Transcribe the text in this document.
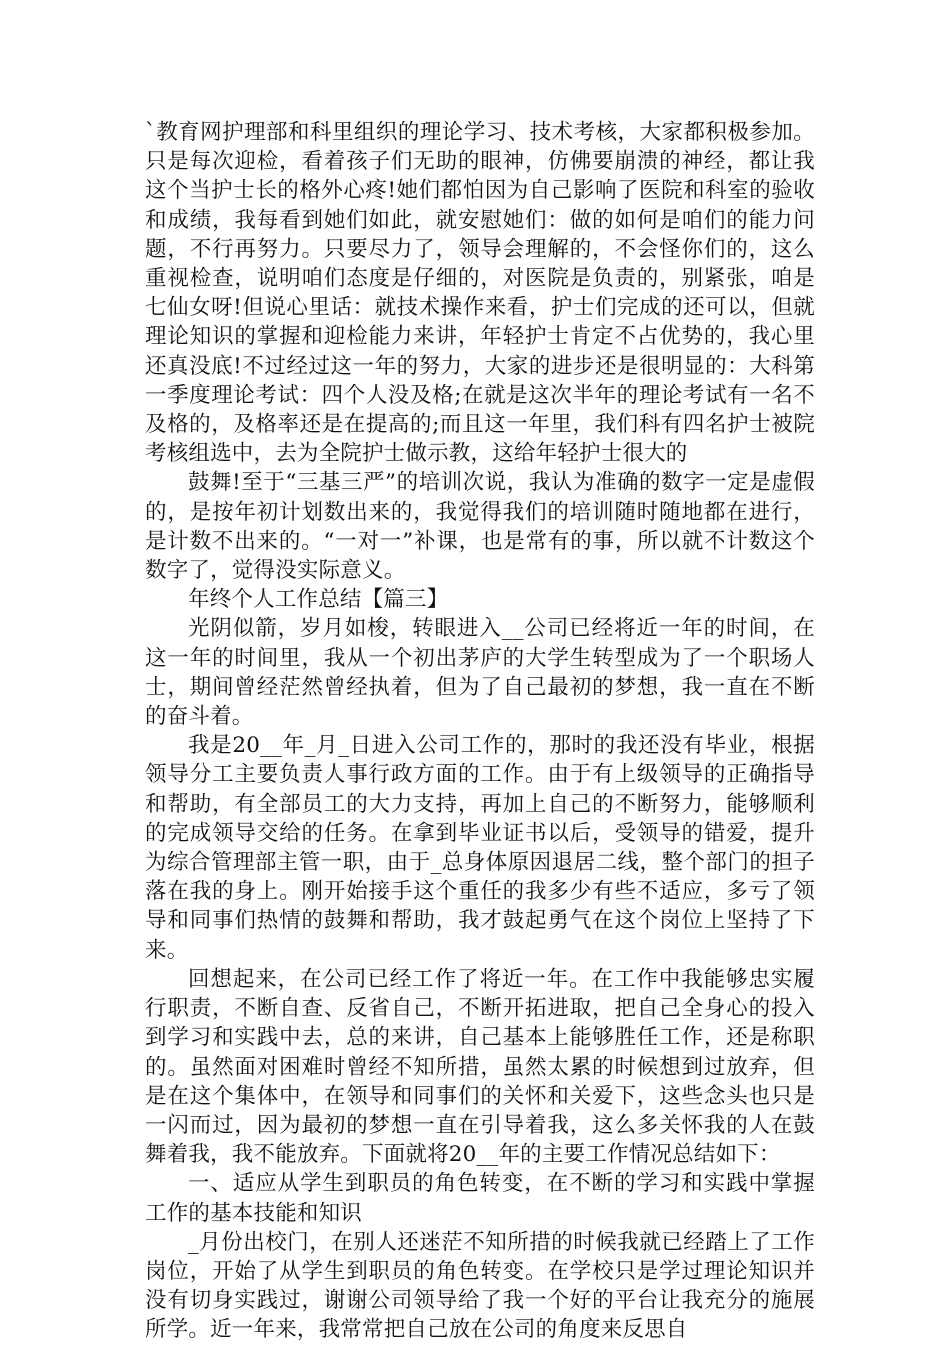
`教育网护理部和科里组织的理论学习、技术考核，大家都积极参加。只是每次迎检，看着孩子们无助的眼神，仿佛要崩溃的神经，都让我这个当护士长的格外心疼!她们都怕因为自己影响了医院和科室的验收和成绩，我每看到她们如此，就安慰她们：做的如何是咱们的能力问题，不行再努力。只要尽力了，领导会理解的，不会怪你们的，这么重视检查，说明咱们态度是仔细的，对医院是负责的，别紧张，咱是七仙女呀!但说心里话：就技术操作来看，护士们完成的还可以，但就理论知识的掌握和迎检能力来讲，年轻护士肯定不占优势的，我心里还真没底!不过经过这一年的努力，大家的进步还是很明显的：大科第一季度理论考试：四个人没及格;在就是这次半年的理论考试有一名不及格的，及格率还是在提高的;而且这一年里，我们科有四名护士被院考核组选中，去为全院护士做示教，这给年轻护士很大的

鼓舞!至于“三基三严”的培训次说，我认为准确的数字一定是虚假的，是按年初计划数出来的，我觉得我们的培训随时随地都在进行，是计数不出来的。“一对一”补课，也是常有的事，所以就不计数这个数字了，觉得没实际意义。

年终个人工作总结【篇三】

光阴似箭，岁月如梭，转眼进入__公司已经将近一年的时间，在这一年的时间里，我从一个初出茅庐的大学生转型成为了一个职场人士，期间曾经茫然曾经执着，但为了自己最初的梦想，我一直在不断的奋斗着。

我是20__年_月_日进入公司工作的，那时的我还没有毕业，根据领导分工主要负责人事行政方面的工作。由于有上级领导的正确指导和帮助，有全部员工的大力支持，再加上自己的不断努力，能够顺利的完成领导交给的任务。在拿到毕业证书以后，受领导的错爱，提升为综合管理部主管一职，由于_总身体原因退居二线，整个部门的担子落在我的身上。刚开始接手这个重任的我多少有些不适应，多亏了领导和同事们热情的鼓舞和帮助，我才鼓起勇气在这个岗位上坚持了下来。

回想起来，在公司已经工作了将近一年。在工作中我能够忠实履行职责，不断自查、反省自己，不断开拓进取，把自己全身心的投入到学习和实践中去，总的来讲，自己基本上能够胜任工作，还是称职的。虽然面对困难时曾经不知所措，虽然太累的时候想到过放弃，但是在这个集体中，在领导和同事们的关怀和关爱下，这些念头也只是一闪而过，因为最初的梦想一直在引导着我，这么多关怀我的人在鼓舞着我，我不能放弃。下面就将20__年的主要工作情况总结如下：

一、适应从学生到职员的角色转变，在不断的学习和实践中掌握工作的基本技能和知识

_月份出校门，在别人还迷茫不知所措的时候我就已经踏上了工作岗位，开始了从学生到职员的角色转变。在学校只是学过理论知识并没有切身实践过，谢谢公司领导给了我一个好的平台让我充分的施展所学。近一年来，我常常把自己放在公司的角度来反思自
